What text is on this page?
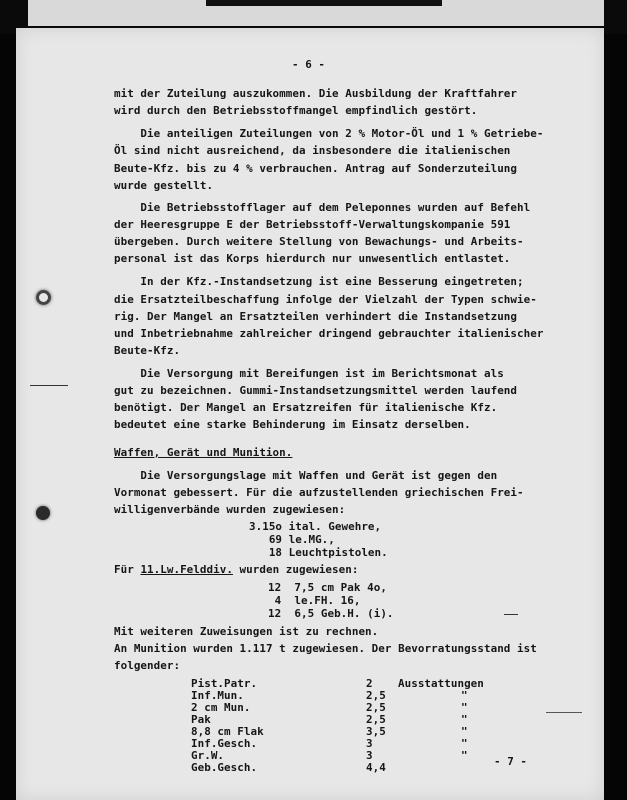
- 6 -
mit der Zuteilung auszukommen. Die Ausbildung der Kraftfahrer
wird durch den Betriebsstoffmangel empfindlich gestört.
Die anteiligen Zuteilungen von 2 % Motor-Öl und 1 % Getriebe-
Öl sind nicht ausreichend, da insbesondere die italienischen
Beute-Kfz. bis zu 4 % verbrauchen. Antrag auf Sonderzuteilung
wurde gestellt.
Die Betriebsstofflager auf dem Peleponnes wurden auf Befehl
der Heeresgruppe E der Betriebsstoff-Verwaltungskompanie 591
übergeben. Durch weitere Stellung von Bewachungs- und Arbeits-
personal ist das Korps hierdurch nur unwesentlich entlastet.
In der Kfz.-Instandsetzung ist eine Besserung eingetreten;
die Ersatzteilbeschaffung infolge der Vielzahl der Typen schwie-
rig. Der Mangel an Ersatzteilen verhindert die Instandsetzung
und Inbetriebnahme zahlreicher dringend gebrauchter italienischer
Beute-Kfz.
Die Versorgung mit Bereifungen ist im Berichtsmonat als
gut zu bezeichnen. Gummi-Instandsetzungsmittel werden laufend
benötigt. Der Mangel an Ersatzreifen für italienische Kfz.
bedeutet eine starke Behinderung im Einsatz derselben.
Waffen, Gerät und Munition.
Die Versorgungslage mit Waffen und Gerät ist gegen den
Vormonat gebessert. Für die aufzustellenden griechischen Frei-
willigenverbände wurden zugewiesen:
3.15o ital. Gewehre,
69 le.MG.,
18 Leuchtpistolen.
Für 11.Lw.Felddiv. wurden zugewiesen:
12  7,5 cm Pak 4o,
4  le.FH. 16,
12  6,5 Geb.H. (i).
Mit weiteren Zuweisungen ist zu rechnen.
An Munition wurden 1.117 t zugewiesen. Der Bevorratungsstand ist
folgender:
Pist.Patr.	2 Ausstattungen
Inf.Mun.	2,5	"
2 cm Mun.	2,5	"
Pak	2,5	"
8,8 cm Flak	3,5	"
Inf.Gesch.	3	"
Gr.W.	3	"
Geb.Gesch.	4,4	- 7 -
